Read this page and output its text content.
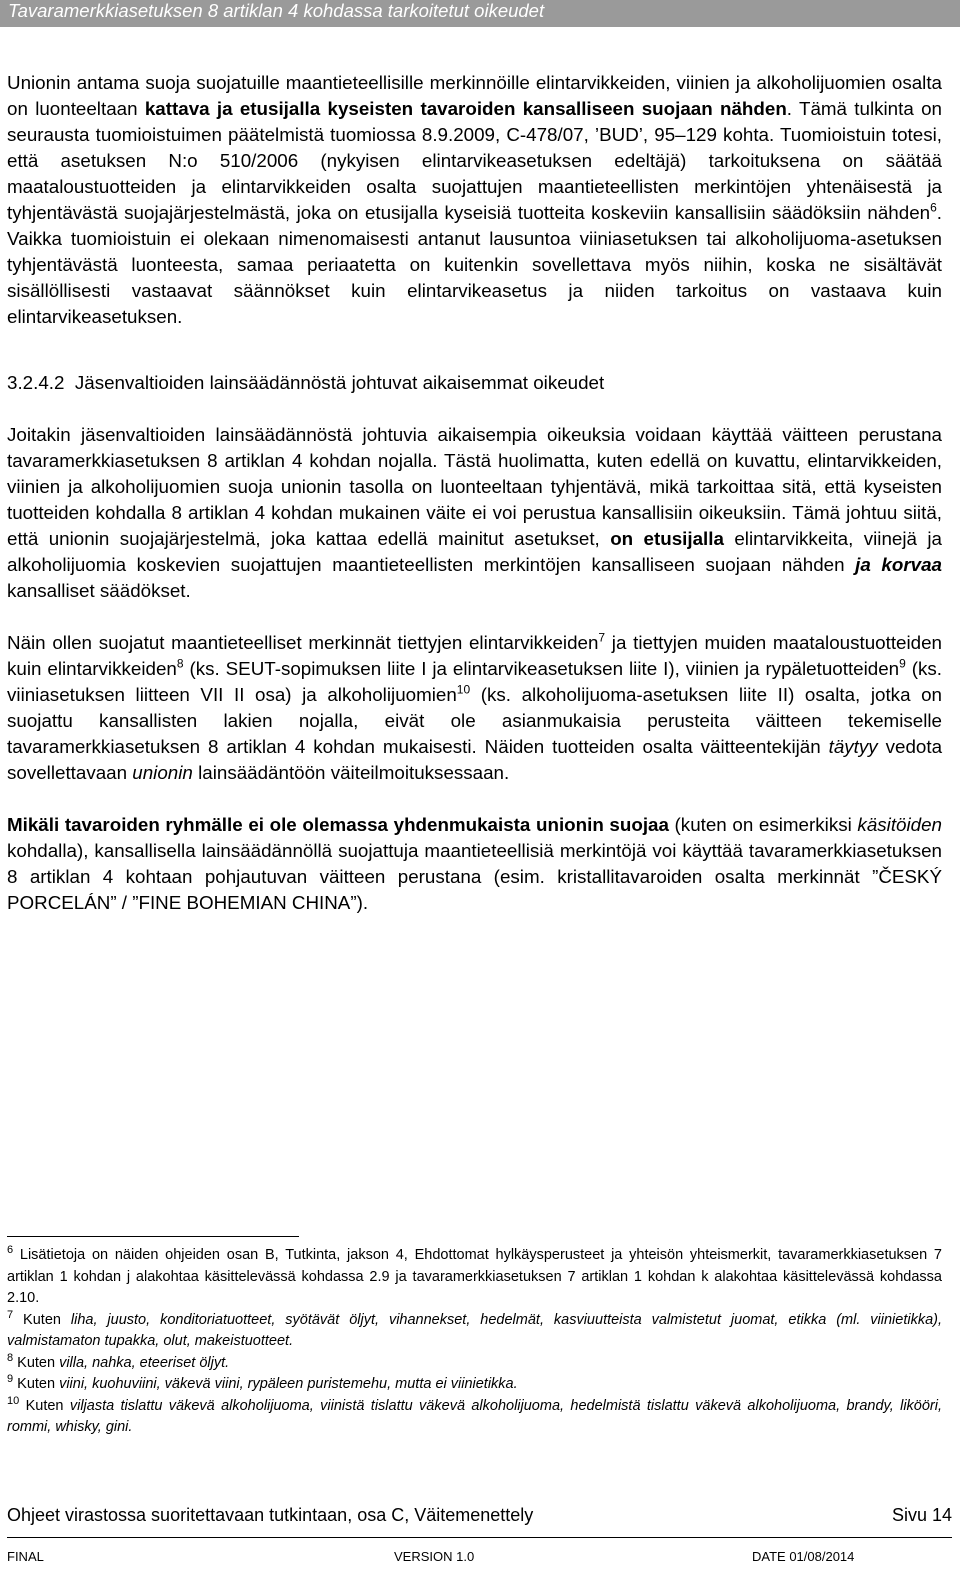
Tavaramerkkiasetuksen 8 artiklan 4 kohdassa tarkoitetut oikeudet

Unionin antama suoja suojatuille maantieteellisille merkinnöille elintarvikkeiden, viinien ja alkoholijuomien osalta on luonteeltaan kattava ja etusijalla kyseisten tavaroiden kansalliseen suojaan nähden. Tämä tulkinta on seurausta tuomioistuimen päätelmistä tuomiossa 8.9.2009, C-478/07, ’BUD’, 95–129 kohta. Tuomioistuin totesi, että asetuksen N:o 510/2006 (nykyisen elintarvikeasetuksen edeltäjä) tarkoituksena on säätää maataloustuotteiden ja elintarvikkeiden osalta suojattujen maantieteellisten merkintöjen yhtenäisestä ja tyhjentävästä suojajärjestelmästä, joka on etusijalla kyseisiä tuotteita koskeviin kansallisiin säädöksiin nähden$^6$. Vaikka tuomioistuin ei olekaan nimenomaisesti antanut lausuntoa viiniasetuksen tai alkoholijuoma-asetuksen tyhjentävästä luonteesta, samaa periaatetta on kuitenkin sovellettava myös niihin, koska ne sisältävät sisällöllisesti vastaavat säännökset kuin elintarvikeasetus ja niiden tarkoitus on vastaava kuin elintarvikeasetuksen.

3.2.4.2 Jäsenvaltioiden lainsäädännöstä johtuvat aikaisemmat oikeudet

Joitakin jäsenvaltioiden lainsäädännöstä johtuvia aikaisempia oikeuksia voidaan käyttää väitteen perustana tavaramerkkiasetuksen 8 artiklan 4 kohdan nojalla. Tästä huolimatta, kuten edellä on kuvattu, elintarvikkeiden, viinien ja alkoholijuomien suoja unionin tasolla on luonteeltaan tyhjentävä, mikä tarkoittaa sitä, että kyseisten tuotteiden kohdalla 8 artiklan 4 kohdan mukainen väite ei voi perustua kansallisiin oikeuksiin. Tämä johtuu siitä, että unionin suojajärjestelmä, joka kattaa edellä mainitut asetukset, on etusijalla elintarvikkeita, viinejä ja alkoholijuomia koskevien suojattujen maantieteellisten merkintöjen kansalliseen suojaan nähden ja korvaa kansalliset säädökset.

Näin ollen suojatut maantieteelliset merkinnät tiettyjen elintarvikkeiden$^7$ ja tiettyjen muiden maataloustuotteiden kuin elintarvikkeiden$^8$ (ks. SEUT-sopimuksen liite I ja elintarvikeasetuksen liite I), viinien ja rypäletuotteiden$^9$ (ks. viiniasetuksen liitteen VII II osa) ja alkoholijuomien$^{10}$ (ks. alkoholijuoma-asetuksen liite II) osalta, jotka on suojattu kansallisten lakien nojalla, eivät ole asianmukaisia perusteita väitteen tekemiselle tavaramerkkiasetuksen 8 artiklan 4 kohdan mukaisesti. Näiden tuotteiden osalta väitteentekijän täytyy vedota sovellettavaan unionin lainsäädäntöön väiteilmoituksessaan.

Mikäli tavaroiden ryhmälle ei ole olemassa yhdenmukaista unionin suojaa (kuten on esimerkiksi käsitöiden kohdalla), kansallisella lainsäädännöllä suojattuja maantieteellisiä merkintöjä voi käyttää tavaramerkkiasetuksen 8 artiklan 4 kohtaan pohjautuvan väitteen perustana (esim. kristallitavaroiden osalta merkinnät ”ČESKÝ PORCELÁN” / ”FINE BOHEMIAN CHINA”).

$^6$ Lisätietoja on näiden ohjeiden osan B, Tutkinta, jakson 4, Ehdottomat hylkäysperusteet ja yhteisön yhteismerkit, tavaramerkkiasetuksen 7 artiklan 1 kohdan j alakohtaa käsittelevässä kohdassa 2.9 ja tavaramerkkiasetuksen 7 artiklan 1 kohdan k alakohtaa käsittelevässä kohdassa 2.10.
$^7$ Kuten liha, juusto, konditoriatuotteet, syötävät öljyt, vihannekset, hedelmät, kasviuutteista valmistetut juomat, etikka (ml. viinietikka), valmistamaton tupakka, olut, makeistuotteet.
$^8$ Kuten villa, nahka, eteeriset öljyt.
$^9$ Kuten viini, kuohuviini, väkevä viini, rypäleen puristemehu, mutta ei viinietikka.
$^{10}$ Kuten viljasta tislattu väkevä alkoholijuoma, viinistä tislattu väkevä alkoholijuoma, hedelmistä tislattu väkevä alkoholijuoma, brandy, likööri, rommi, whisky, gini.
Ohjeet virastossa suoritettavaan tutkintaan, osa C, Väitemenettely	Sivu 14
FINAL	VERSION 1.0	DATE 01/08/2014
